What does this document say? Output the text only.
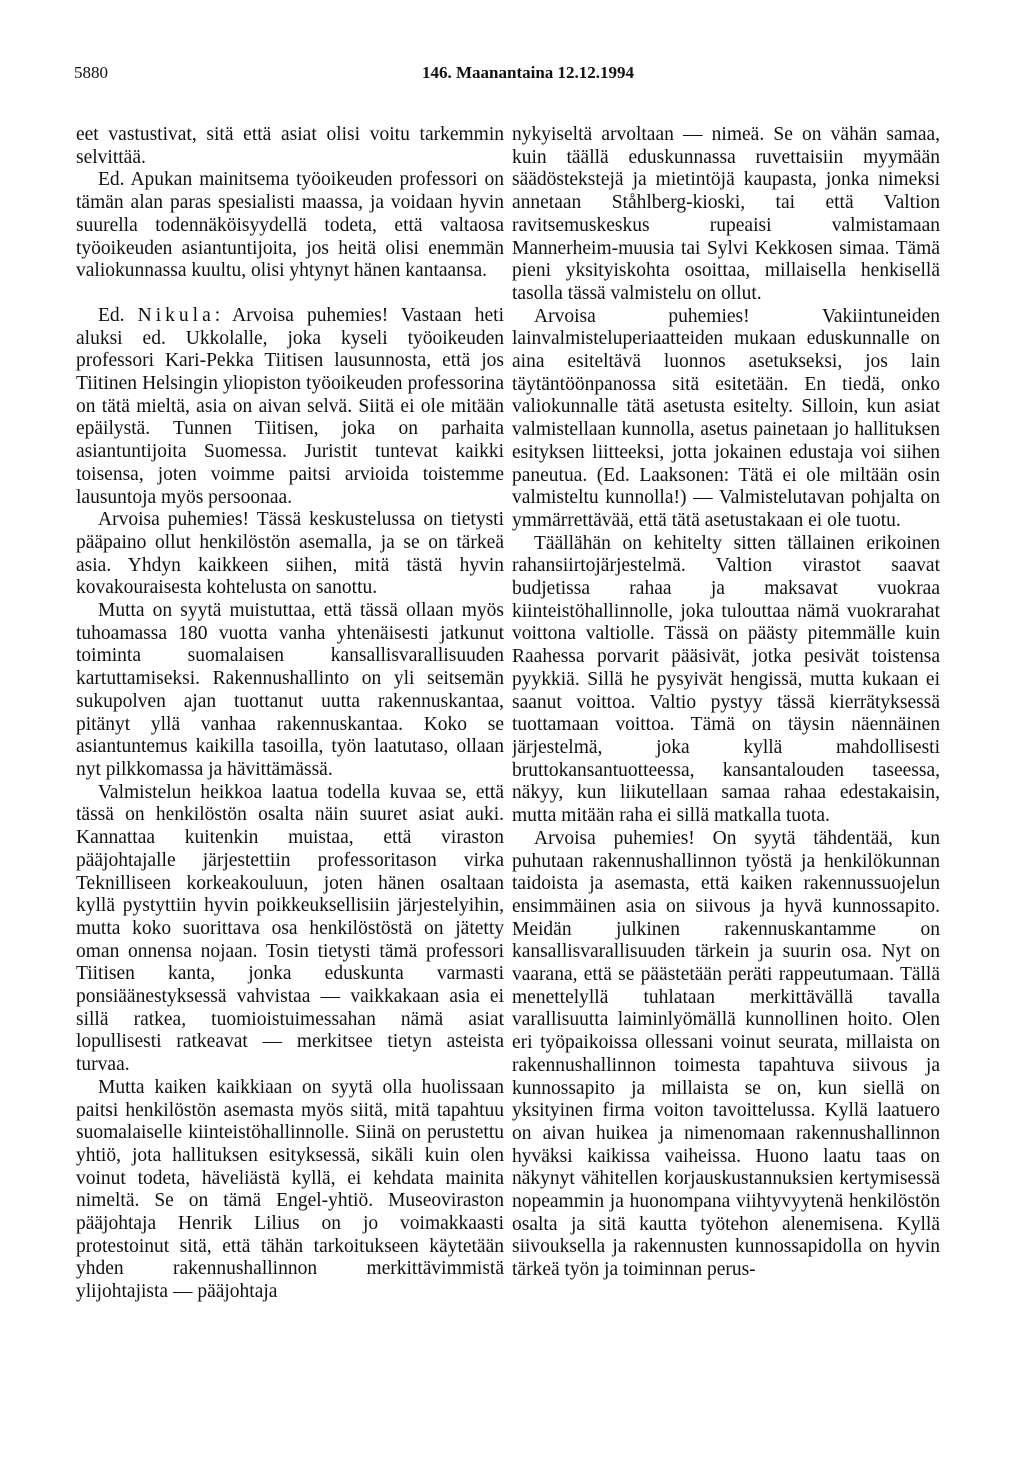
5880	146. Maanantaina 12.12.1994

eet vastustivat, sitä että asiat olisi voitu tarkemmin selvittää.

Ed. Apukan mainitsema työoikeuden professori on tämän alan paras spesialisti maassa, ja voidaan hyvin suurella todennäköisyydellä todeta, että valtaosa työoikeuden asiantuntijoita, jos heitä olisi enemmän valiokunnassa kuultu, olisi yhtynyt hänen kantaansa.

Ed. Nikula: Arvoisa puhemies! Vastaan heti aluksi ed. Ukkolalle, joka kyseli työoikeuden professori Kari-Pekka Tiitisen lausunnosta, että jos Tiitinen Helsingin yliopiston työoikeuden professorina on tätä mieltä, asia on aivan selvä. Siitä ei ole mitään epäilystä. Tunnen Tiitisen, joka on parhaita asiantuntijoita Suomessa. Juristit tuntevat kaikki toisensa, joten voimme paitsi arvioida toistemme lausuntoja myös persoonaa.

Arvoisa puhemies! Tässä keskustelussa on tietysti pääpaino ollut henkilöstön asemalla, ja se on tärkeä asia. Yhdyn kaikkeen siihen, mitä tästä hyvin kovakouraisesta kohtelusta on sanottu.

Mutta on syytä muistuttaa, että tässä ollaan myös tuhoamassa 180 vuotta vanha yhtenäisesti jatkunut toiminta suomalaisen kansallisvarallisuuden kartuttamiseksi. Rakennushallinto on yli seitsemän sukupolven ajan tuottanut uutta rakennuskantaa, pitänyt yllä vanhaa rakennuskantaa. Koko se asiantuntemus kaikilla tasoilla, työn laatutaso, ollaan nyt pilkkomassa ja hävittämässä.

Valmistelun heikkoa laatua todella kuvaa se, että tässä on henkilöstön osalta näin suuret asiat auki. Kannattaa kuitenkin muistaa, että viraston pääjohtajalle järjestettiin professoritason virka Teknilliseen korkeakouluun, joten hänen osaltaan kyllä pystyttiin hyvin poikkeuksellisiin järjestelyihin, mutta koko suorittava osa henkilöstöstä on jätetty oman onnensa nojaan. Tosin tietysti tämä professori Tiitisen kanta, jonka eduskunta varmasti ponsiäänestyksessä vahvistaa — vaikkakaan asia ei sillä ratkea, tuomioistuimessahan nämä asiat lopullisesti ratkeavat — merkitsee tietyn asteista turvaa.

Mutta kaiken kaikkiaan on syytä olla huolissaan paitsi henkilöstön asemasta myös siitä, mitä tapahtuu suomalaiselle kiinteistöhallinnolle. Siinä on perustettu yhtiö, jota hallituksen esityksessä, sikäli kuin olen voinut todeta, häveliästä kyllä, ei kehdata mainita nimeltä. Se on tämä Engel-yhtiö. Museoviraston pääjohtaja Henrik Lilius on jo voimakkaasti protestoinut sitä, että tähän tarkoitukseen käytetään yhden rakennushallinnon merkittävimmistä ylijohtajista — pääjohtaja

nykyiseltä arvoltaan — nimeä. Se on vähän samaa, kuin täällä eduskunnassa ruvettaisiin myymään säädöstekstejä ja mietintöjä kaupasta, jonka nimeksi annetaan Ståhlberg-kioski, tai että Valtion ravitsemuskeskus rupeaisi valmistamaan Mannerheim-muusia tai Sylvi Kekkosen simaa. Tämä pieni yksityiskohta osoittaa, millaisella henkisellä tasolla tässä valmistelu on ollut.

Arvoisa puhemies! Vakiintuneiden lainvalmisteluperiaatteiden mukaan eduskunnalle on aina esiteltävä luonnos asetukseksi, jos lain täytäntöönpanossa sitä esitetään. En tiedä, onko valiokunnalle tätä asetusta esitelty. Silloin, kun asiat valmistellaan kunnolla, asetus painetaan jo hallituksen esityksen liitteeksi, jotta jokainen edustaja voi siihen paneutua. (Ed. Laaksonen: Tätä ei ole miltään osin valmisteltu kunnolla!) — Valmistelutavan pohjalta on ymmärrettävää, että tätä asetustakaan ei ole tuotu.

Täällähän on kehitelty sitten tällainen erikoinen rahansiirtojärjestelmä. Valtion virastot saavat budjetissa rahaa ja maksavat vuokraa kiinteistöhallinnolle, joka tulouttaa nämä vuokrarahat voittona valtiolle. Tässä on päästy pitemmälle kuin Raahessa porvarit pääsivät, jotka pesivät toistensa pyykkiä. Sillä he pysyivät hengissä, mutta kukaan ei saanut voittoa. Valtio pystyy tässä kierrätyksessä tuottamaan voittoa. Tämä on täysin näennäinen järjestelmä, joka kyllä mahdollisesti bruttokansantuotteessa, kansantalouden taseessa, näkyy, kun liikutellaan samaa rahaa edestakaisin, mutta mitään raha ei sillä matkalla tuota.

Arvoisa puhemies! On syytä tähdentää, kun puhutaan rakennushallinnon työstä ja henkilökunnan taidoista ja asemasta, että kaiken rakennussuojelun ensimmäinen asia on siivous ja hyvä kunnossapito. Meidän julkinen rakennuskantamme on kansallisvarallisuuden tärkein ja suurin osa. Nyt on vaarana, että se päästetään peräti rappeutumaan. Tällä menettelyllä tuhlataan merkittävällä tavalla varallisuutta laiminlyömällä kunnollinen hoito. Olen eri työpaikoissa ollessani voinut seurata, millaista on rakennushallinnon toimesta tapahtuva siivous ja kunnossapito ja millaista se on, kun siellä on yksityinen firma voiton tavoittelussa. Kyllä laatuero on aivan huikea ja nimenomaan rakennushallinnon hyväksi kaikissa vaiheissa. Huono laatu taas on näkynyt vähitellen korjauskustannuksien kertymisessä nopeammin ja huonompana viihtyvyytenä henkilöstön osalta ja sitä kautta työtehon alenemisena. Kyllä siivouksella ja rakennusten kunnossapidolla on hyvin tärkeä työn ja toiminnan perus-
